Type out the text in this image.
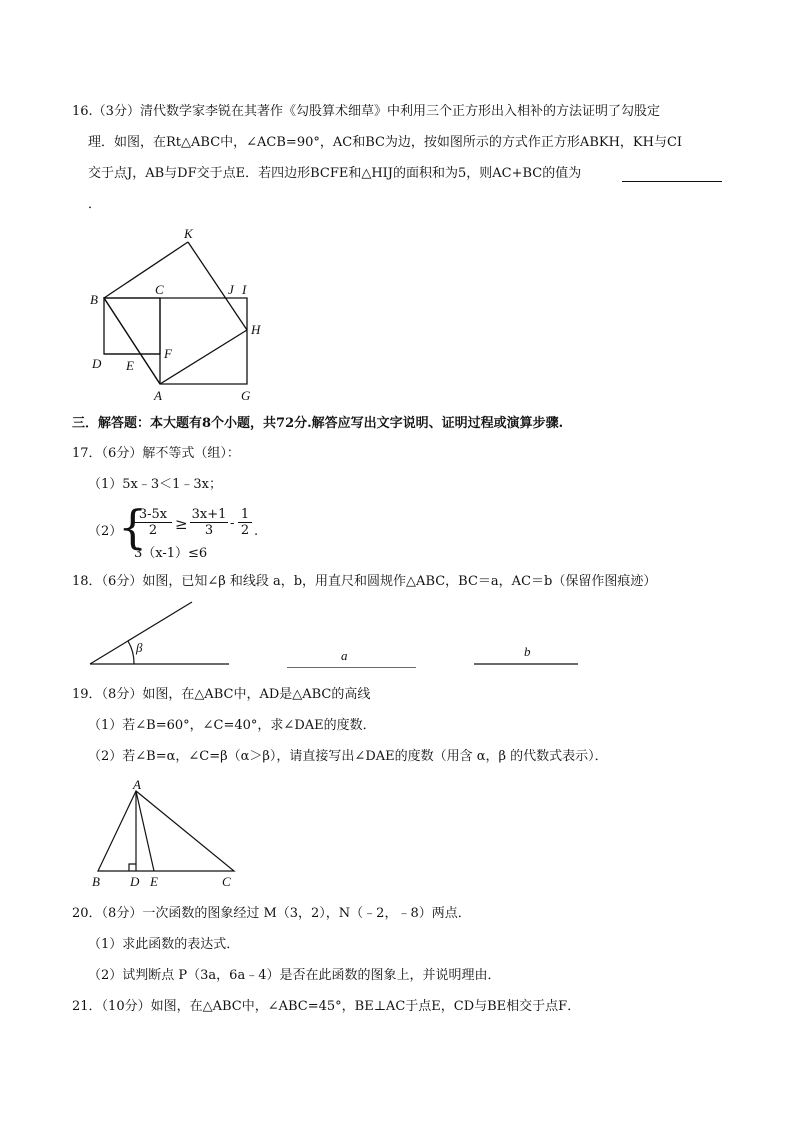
16.（3分）清代数学家李锐在其著作《勾股算术细草》中利用三个正方形出入相补的方法证明了勾股定
理．如图，在Rt△ABC中，∠ACB=90°，AC和BC为边，按如图所示的方式作正方形ABKH，KH与CI
交于点J，AB与DF交于点E．若四边形BCFE和△HIJ的面积和为5，则AC+BC的值为
．
K
B
C	J I
H
F
D E
A	G
三．解答题：本大题有8个小题，共72分.解答应写出文字说明、证明过程或演算步骤.
17．（6分）解不等式（组）：
（1）5x﹣3＜1﹣3x；
（2）
{
$\frac{3-5x}{2} \ge \frac{3x+1}{3} - \frac{1}{2}$ .
3（x-1）≤6
18．（6分）如图，已知∠β 和线段 a，b，用直尺和圆规作△ABC，BC＝a，AC＝b（保留作图痕迹）
β
a	b
19．（8分）如图，在△ABC中，AD是△ABC的高线
（1）若∠B=60°，∠C=40°，求∠DAE的度数．
（2）若∠B=α，∠C=β（α＞β），请直接写出∠DAE的度数（用含 α，β 的代数式表示）．
A
B D E	C
20．（8分）一次函数的图象经过 M（3，2），N（﹣2，﹣8）两点．
（1）求此函数的表达式．
（2）试判断点 P（3a，6a﹣4）是否在此函数的图象上，并说明理由．
21．（10分）如图，在△ABC中，∠ABC=45°，BE⊥AC于点E，CD与BE相交于点F．
